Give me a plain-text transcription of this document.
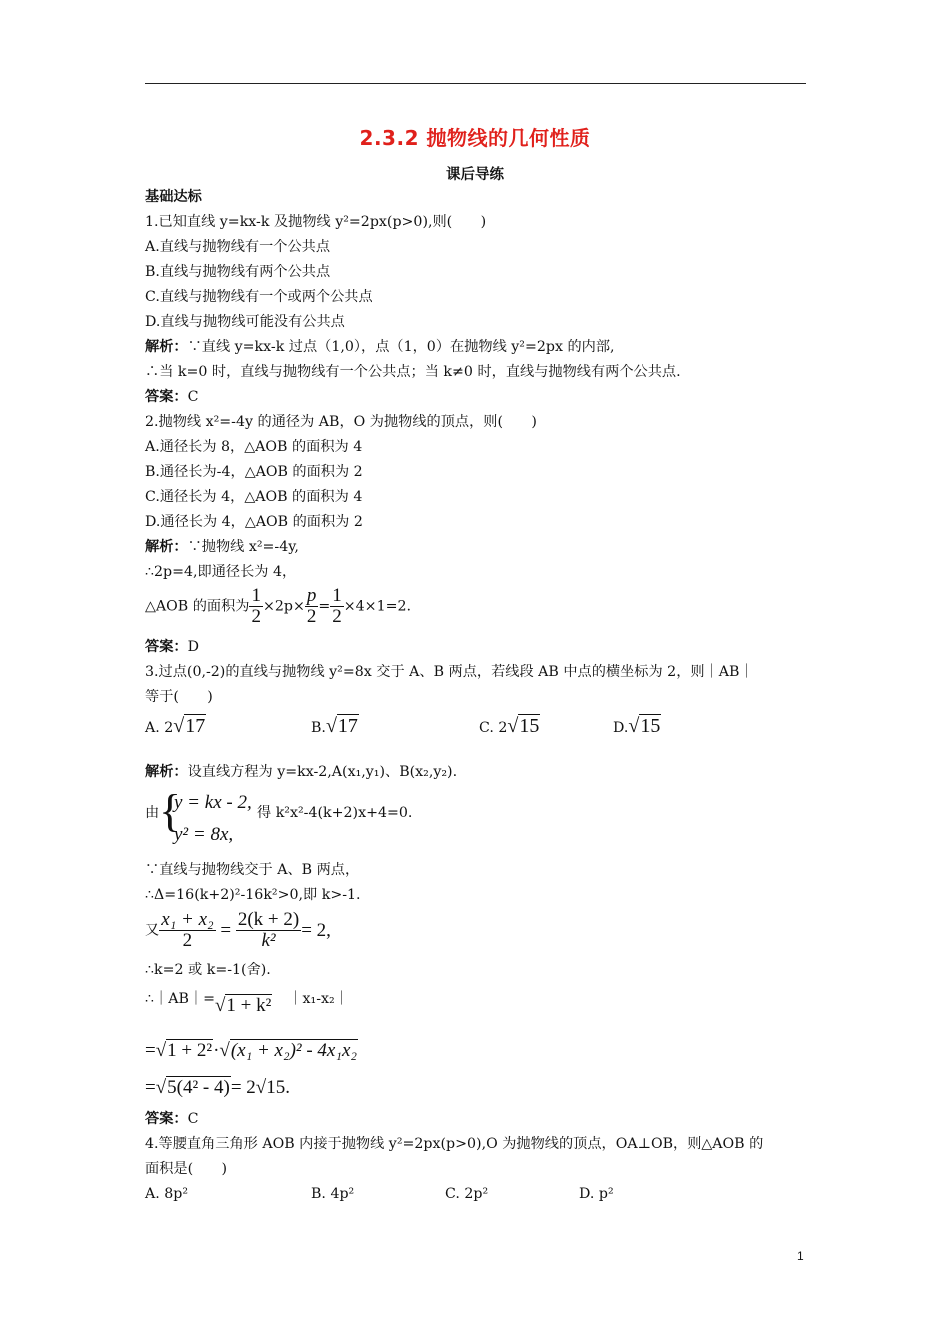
2.3.2 抛物线的几何性质
课后导练
基础达标
1.已知直线 y=kx-k 及抛物线 y²=2px(p>0),则(　　)
A.直线与抛物线有一个公共点
B.直线与抛物线有两个公共点
C.直线与抛物线有一个或两个公共点
D.直线与抛物线可能没有公共点
解析：∵直线 y=kx-k 过点（1,0），点（1，0）在抛物线 y²=2px 的内部,
∴当 k=0 时，直线与抛物线有一个公共点；当 k≠0 时，直线与抛物线有两个公共点.
答案：C
2.抛物线 x²=-4y 的通径为 AB，O 为抛物线的顶点，则(　　)
A.通径长为 8，△AOB 的面积为 4
B.通径长为-4，△AOB 的面积为 2
C.通径长为 4，△AOB 的面积为 4
D.通径长为 4，△AOB 的面积为 2
解析：∵抛物线 x²=-4y,
∴2p=4,即通径长为 4，
△AOB 的面积为 $\frac{1}{2} \times 2p\times \frac{p}{2} = \frac{1}{2} \times 4\times 1=2$.
答案：D
3.过点(0,-2)的直线与抛物线 y²=8x 交于 A、B 两点，若线段 AB 中点的横坐标为 2，则｜AB｜
等于(　　)
A. 2√17	B.√17	C. 2√15	D.√15
解析：设直线方程为 y=kx-2,A(x₁,y₁)、B(x₂,y₂).
由 {
y = kx - 2,
y² = 8x,
得 k²x²-4(k+2)x+4=0.
∵直线与抛物线交于 A、B 两点，
∴Δ=16(k+2)²-16k²>0,即 k>-1.
又 $\frac{\text{x₁ + x₂}}{2} = \frac{2(k + 2)}{\text{k²}} = 2$,
∴k=2 或 k=-1(舍).
∴｜AB｜=√1 + k² ｜x₁-x₂｜
=√1 + 2²·√(x₁ + x₂)² - 4x₁x₂
=√5(4² - 4)= 2√15.
答案：C
4.等腰直角三角形 AOB 内接于抛物线 y²=2px(p>0),O 为抛物线的顶点，OA⊥OB，则△AOB 的
面积是(　　)
A. 8p²	B. 4p²	C. 2p²	D. p²
1
